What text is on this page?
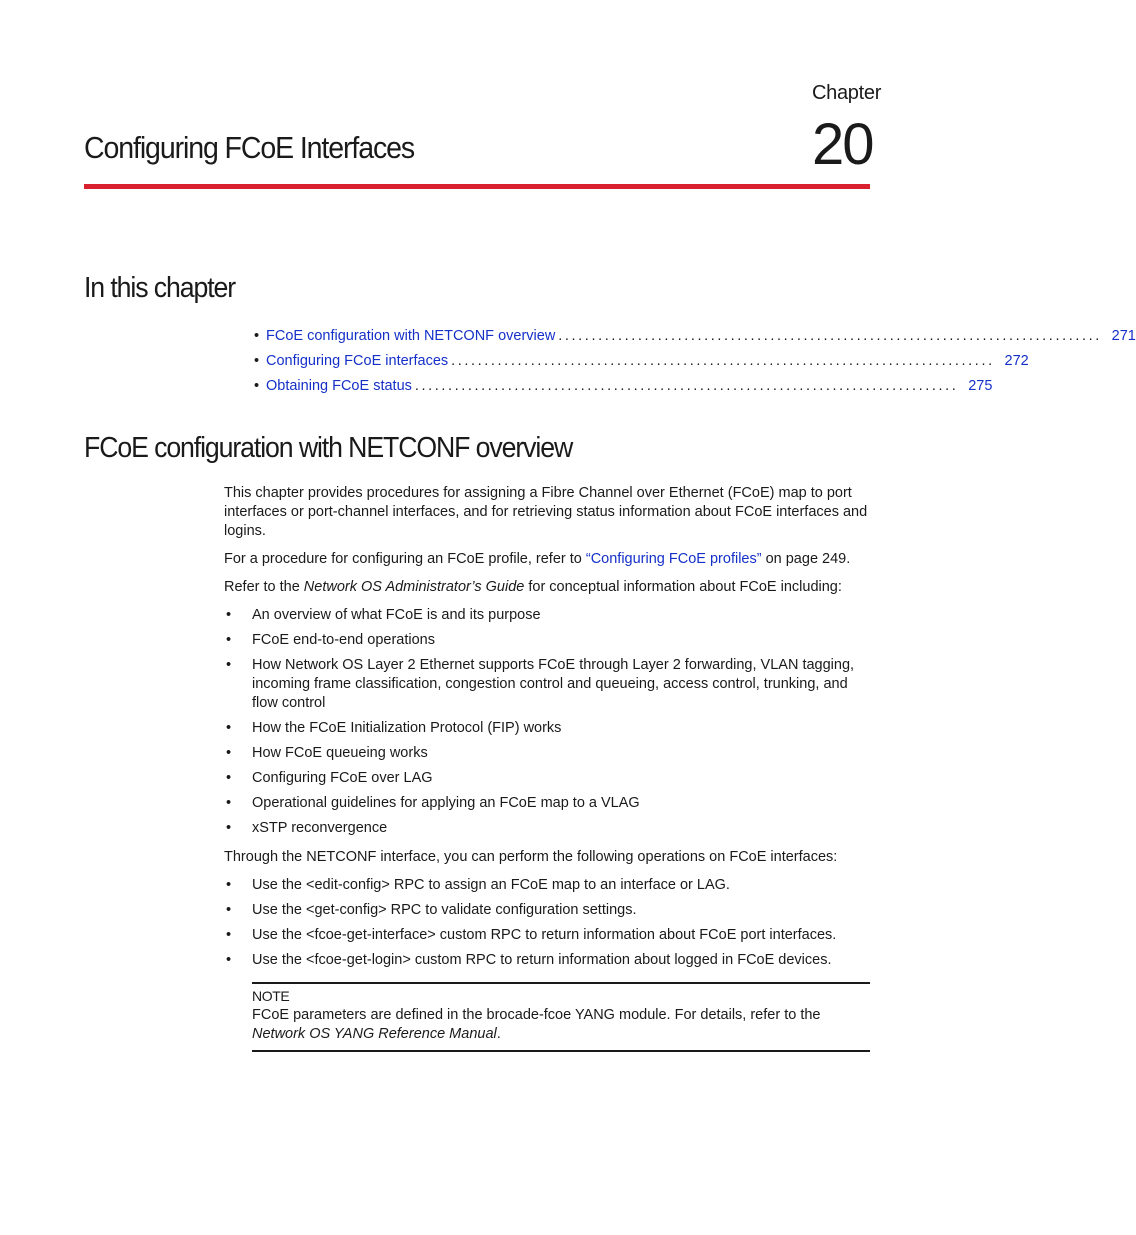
Chapter
20
Configuring FCoE Interfaces
In this chapter
• FCoE configuration with NETCONF overview .................................................................................. 271
• Configuring FCoE interfaces .................................................................................. 272
• Obtaining FCoE status .................................................................................. 275
FCoE configuration with NETCONF overview

This chapter provides procedures for assigning a Fibre Channel over Ethernet (FCoE) map to port interfaces or port-channel interfaces, and for retrieving status information about FCoE interfaces and logins.

For a procedure for configuring an FCoE profile, refer to “Configuring FCoE profiles” on page 249.

Refer to the Network OS Administrator’s Guide for conceptual information about FCoE including:

• An overview of what FCoE is and its purpose
• FCoE end-to-end operations
• How Network OS Layer 2 Ethernet supports FCoE through Layer 2 forwarding, VLAN tagging, incoming frame classification, congestion control and queueing, access control, trunking, and flow control
• How the FCoE Initialization Protocol (FIP) works
• How FCoE queueing works
• Configuring FCoE over LAG
• Operational guidelines for applying an FCoE map to a VLAG
• xSTP reconvergence

Through the NETCONF interface, you can perform the following operations on FCoE interfaces:

• Use the <edit-config> RPC to assign an FCoE map to an interface or LAG.
• Use the <get-config> RPC to validate configuration settings.
• Use the <fcoe-get-interface> custom RPC to return information about FCoE port interfaces.
• Use the <fcoe-get-login> custom RPC to return information about logged in FCoE devices.
NOTE
FCoE parameters are defined in the brocade-fcoe YANG module. For details, refer to the Network OS YANG Reference Manual.
